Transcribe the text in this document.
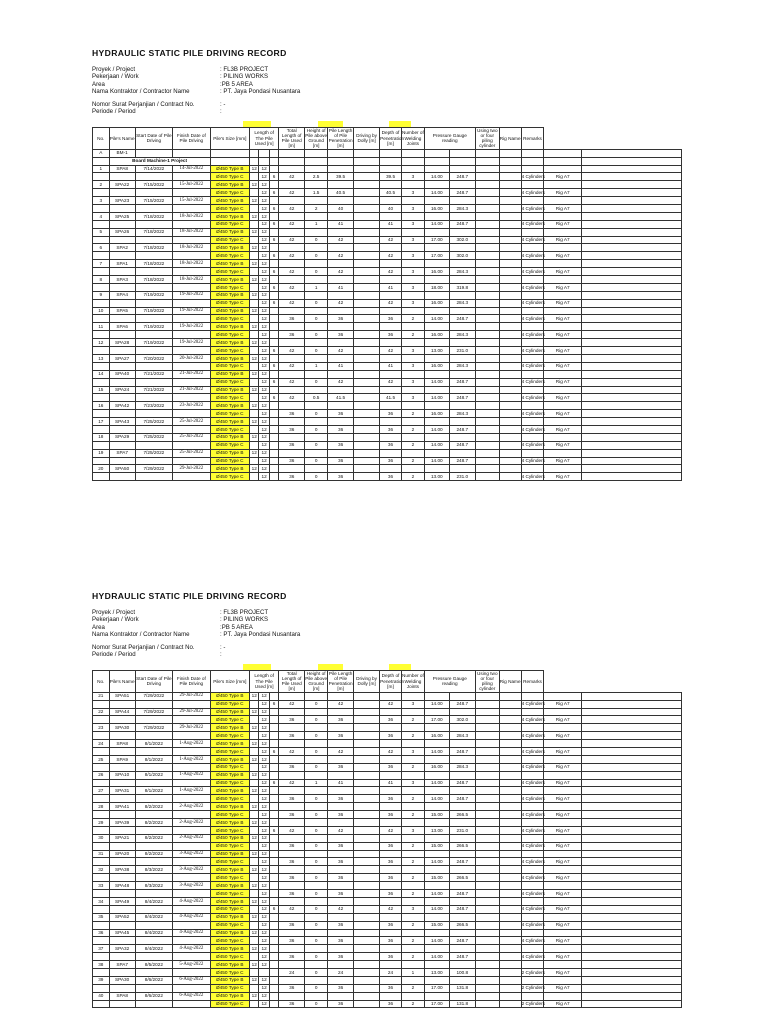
HYDRAULIC STATIC PILE DRIVING RECORD
Proyek / Project	: FL3B PROJECT
Pekerjaan / Work	: PILING WORKS
Area	:PB 5 AREA
Nama Kontraktor / Contractor Name	: PT. Jaya Pondasi Nusantara
Nomor Surat Perjanjian / Contract No.	: -
Periode / Period	:
No.	Pile's Name	Start Date of Pile Driving	Finish Date of Pile Driving	Pile's Size [mm]	Length of The Pile Used [m]			Total Length of Pile Used [m]	Height of Pile above Ground [m]	Pile Length of Pile Penetration [m]	Driving by Dolly [m]	Depth of Penetration [m]	Number of Welding Joints	Pressure Gauge reading		Using two or four piling cylinder	Rig Name	Remarks		
A	BM-1																			
	Board Machine-1 Project																			
1	SPA8	7/14/2022	14-Jul-2022	Ø450 Type B	12	12														
				Ø450 Type C		12	6	42	2.5	39.5		39.5	3	14.00	248.7			4 Cylinders	Rig A7	
2	SPA22	7/15/2022	15-Jul-2022	Ø450 Type B	12	12														
				Ø450 Type C		12	6	42	1.5	40.5		40.5	3	14.00	248.7			4 Cylinders	Rig A7	
3	SPA23	7/15/2022	15-Jul-2022	Ø450 Type B	12	12														
				Ø450 Type C		12	6	42	2	40		40	3	16.00	284.3			4 Cylinders	Rig A7	
4	SPA25	7/18/2022	18-Jul-2022	Ø450 Type B	12	12														
				Ø450 Type C		12	6	42	1	41		41	3	14.00	248.7			4 Cylinders	Rig A7	
5	SPA26	7/18/2022	18-Jul-2022	Ø450 Type B	12	12														
				Ø450 Type C		12	6	42	0	42		42	3	17.00	302.0			4 Cylinders	Rig A7	
6	SPA2	7/18/2022	18-Jul-2022	Ø450 Type B	12	12														
				Ø450 Type C		12	6	42	0	42		42	3	17.00	302.0			4 Cylinders	Rig A7	
7	SPA1	7/18/2022	18-Jul-2022	Ø450 Type B	12	12														
				Ø450 Type C		12	6	42	0	42		42	3	16.00	284.3			4 Cylinders	Rig A7	
8	SPA3	7/18/2022	18-Jul-2022	Ø450 Type B	12	12														
				Ø450 Type C		12	6	42	1	41		41	3	18.00	319.8			4 Cylinders	Rig A7	
9	SPA4	7/19/2022	19-Jul-2022	Ø450 Type B	12	12														
				Ø450 Type C		12	6	42	0	42		42	3	16.00	284.3			4 Cylinders	Rig A7	
10	SPA5	7/19/2022	19-Jul-2022	Ø450 Type B	12	12														
				Ø450 Type C		12		36	0	36		36	2	14.00	248.7			4 Cylinders	Rig A7	
11	SPA6	7/19/2022	19-Jul-2022	Ø450 Type B	12	12														
				Ø450 Type C		12		36	0	36		36	2	16.00	284.3			4 Cylinders	Rig A7	
12	SPA28	7/19/2022	19-Jul-2022	Ø450 Type B	12	12														
				Ø450 Type C		12	6	42	0	42		42	3	13.00	231.0			4 Cylinders	Rig A7	
13	SPA27	7/20/2022	20-Jul-2022	Ø450 Type B	12	12														
				Ø450 Type C		12	6	42	1	41		41	3	16.00	284.3			4 Cylinders	Rig A7	
14	SPA40	7/21/2022	21-Jul-2022	Ø450 Type B	12	12														
				Ø450 Type C		12	6	42	0	42		42	3	14.00	248.7			4 Cylinders	Rig A7	
15	SPA24	7/21/2022	21-Jul-2022	Ø450 Type B	12	12														
				Ø450 Type C		12	6	42	0.5	41.5		41.5	3	14.00	248.7			4 Cylinders	Rig A7	
16	SPA42	7/23/2022	23-Jul-2022	Ø450 Type B	12	12														
				Ø450 Type C		12		36	0	36		36	2	16.00	284.3			4 Cylinders	Rig A7	
17	SPA43	7/25/2022	25-Jul-2022	Ø450 Type B	12	12														
				Ø450 Type C		12		36	0	36		36	2	14.00	248.7			4 Cylinders	Rig A7	
18	SPA29	7/25/2022	25-Jul-2022	Ø450 Type B	12	12														
				Ø450 Type C		12		36	0	36		36	2	14.00	248.7			4 Cylinders	Rig A7	
19	SPA7	7/25/2022	25-Jul-2022	Ø450 Type B	12	12														
				Ø450 Type C		12		36	0	36		36	2	14.00	248.7			4 Cylinders	Rig A7	
20	SPA50	7/29/2022	29-Jul-2022	Ø450 Type B	12	12														
				Ø450 Type C		12		36	0	36		36	2	13.00	231.0			4 Cylinders	Rig A7	
HYDRAULIC STATIC PILE DRIVING RECORD
Proyek / Project	: FL3B PROJECT
Pekerjaan / Work	: PILING WORKS
Area	:PB 5 AREA
Nama Kontraktor / Contractor Name	: PT. Jaya Pondasi Nusantara
Nomor Surat Perjanjian / Contract No.	: -
Periode / Period	:
No.	Pile's Name	Start Date of Pile Driving	Finish Date of Pile Driving	Pile's Size [mm]	Length of The Pile Used [m]			Total Length of Pile Used [m]	Height of Pile above Ground [m]	Pile Length of Pile Penetration [m]	Driving by Dolly [m]	Depth of Penetration [m]	Number of Welding Joints	Pressure Gauge reading		Using two or four piling cylinder	Rig Name	Remarks		
21	SPA51	7/29/2022	29-Jul-2022	Ø450 Type B	12	12														
				Ø450 Type C		12	6	42	0	42		42	3	14.00	248.7			4 Cylinders	Rig A7	
22	SPA44	7/29/2022	29-Jul-2022	Ø450 Type B	12	12														
				Ø450 Type C		12		36	0	36		36	2	17.00	302.0			4 Cylinders	Rig A7	
23	SPA30	7/29/2022	29-Jul-2022	Ø450 Type B	12	12														
				Ø450 Type C		12		36	0	36		36	2	16.00	284.3			4 Cylinders	Rig A7	
24	SPA8	8/1/2022	1-Aug-2022	Ø450 Type B	12	12														
				Ø450 Type C		12	6	42	0	42		42	3	14.00	248.7			4 Cylinders	Rig A7	
25	SPA9	8/1/2022	1-Aug-2022	Ø450 Type B	12	12														
				Ø450 Type C		12		36	0	36		36	2	16.00	284.3			4 Cylinders	Rig A7	
26	SPA10	8/1/2022	1-Aug-2022	Ø450 Type B	12	12														
				Ø450 Type C		12	6	42	1	41		41	3	14.00	248.7			4 Cylinders	Rig A7	
27	SPA31	8/1/2022	1-Aug-2022	Ø450 Type B	12	12														
				Ø450 Type C		12		36	0	36		36	2	14.00	248.7			4 Cylinders	Rig A7	
28	SPA41	8/2/2022	2-Aug-2022	Ø450 Type B	12	12														
				Ø450 Type C		12		36	0	36		36	2	15.00	266.5			4 Cylinders	Rig A7	
29	SPA39	8/2/2022	2-Aug-2022	Ø450 Type B	12	12														
				Ø450 Type C		12	6	42	0	42		42	3	13.00	231.0			4 Cylinders	Rig A7	
30	SPA21	8/2/2022	2-Aug-2022	Ø450 Type B	12	12														
				Ø450 Type C		12		36	0	36		36	2	15.00	266.5			4 Cylinders	Rig A7	
31	SPA20	8/2/2022	3-Aug-2022	Ø450 Type B	12	12														
				Ø450 Type C		12		36	0	36		36	2	14.00	248.7			4 Cylinders	Rig A7	
32	SPA38	8/3/2022	3-Aug-2022	Ø450 Type B	12	12														
				Ø450 Type C		12		36	0	36		36	2	15.00	266.5			4 Cylinders	Rig A7	
33	SPA48	8/3/2022	3-Aug-2022	Ø450 Type B	12	12														
				Ø450 Type C		12		36	0	36		36	2	14.00	248.7			4 Cylinders	Rig A7	
34	SPA49	8/4/2022	4-Aug-2022	Ø450 Type B	12	12														
				Ø450 Type C		12	6	42	0	42		42	3	14.00	248.7			4 Cylinders	Rig A7	
35	SPA52	8/4/2022	4-Aug-2022	Ø450 Type B	12	12														
				Ø450 Type C		12		36	0	36		36	2	15.00	266.5			4 Cylinders	Rig A7	
36	SPA45	8/4/2022	4-Aug-2022	Ø450 Type B	12	12														
				Ø450 Type C		12		36	0	36		36	2	14.00	248.7			4 Cylinders	Rig A7	
37	SPA32	8/4/2022	4-Aug-2022	Ø450 Type B	12	12														
				Ø450 Type C		12		36	0	36		36	2	14.00	248.7			4 Cylinders	Rig A7	
38	SPA7	8/5/2022	5-Aug-2022	Ø450 Type B	12	12														
				Ø450 Type C				24	0	24		24	1	13.00	100.8			2 Cylinders	Rig A7	
39	SPA30	8/6/2022	6-Aug-2022	Ø450 Type B	12	12														
				Ø450 Type C		12		36	0	36		36	2	17.00	131.8			2 Cylinders	Rig A7	
40	SPA8	8/6/2022	6-Aug-2022	Ø450 Type B	12	12														
				Ø450 Type C		12		36	0	36		36	2	17.00	131.8			2 Cylinders	Rig A7	
